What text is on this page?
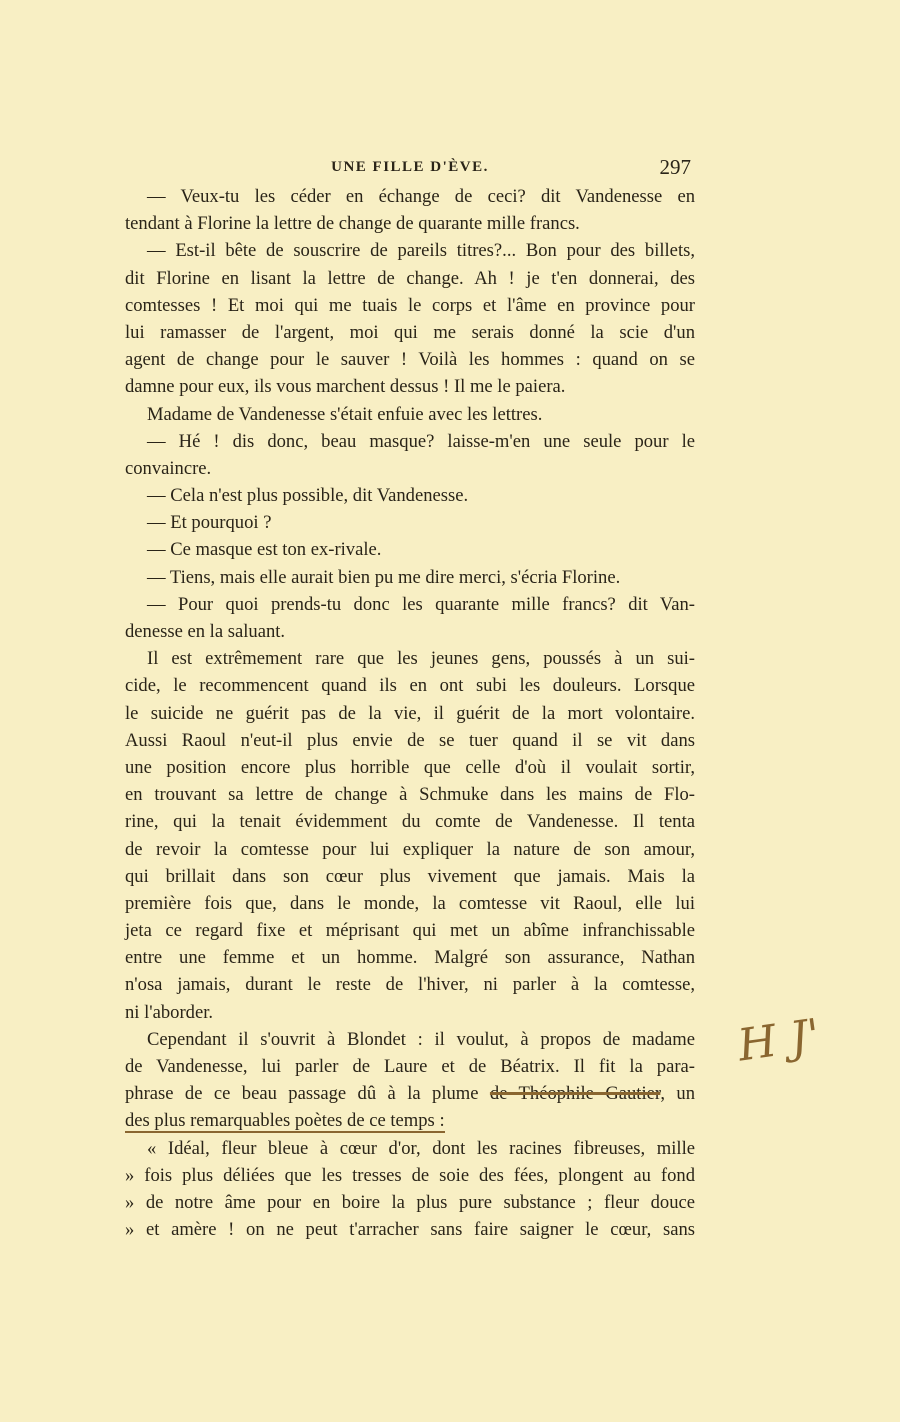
UNE FILLE D'ÈVE.	297
— Veux-tu les céder en échange de ceci? dit Vandenesse en
tendant à Florine la lettre de change de quarante mille francs.
— Est-il bête de souscrire de pareils titres?... Bon pour des billets,
dit Florine en lisant la lettre de change. Ah ! je t'en donnerai, des
comtesses ! Et moi qui me tuais le corps et l'âme en province pour
lui ramasser de l'argent, moi qui me serais donné la scie d'un
agent de change pour le sauver ! Voilà les hommes : quand on se
damne pour eux, ils vous marchent dessus ! Il me le paiera.
Madame de Vandenesse s'était enfuie avec les lettres.
— Hé ! dis donc, beau masque? laisse-m'en une seule pour le
convaincre.
— Cela n'est plus possible, dit Vandenesse.
— Et pourquoi ?
— Ce masque est ton ex-rivale.
— Tiens, mais elle aurait bien pu me dire merci, s'écria Florine.
— Pour quoi prends-tu donc les quarante mille francs? dit Van-
denesse en la saluant.
Il est extrêmement rare que les jeunes gens, poussés à un sui-
cide, le recommencent quand ils en ont subi les douleurs. Lorsque
le suicide ne guérit pas de la vie, il guérit de la mort volontaire.
Aussi Raoul n'eut-il plus envie de se tuer quand il se vit dans
une position encore plus horrible que celle d'où il voulait sortir,
en trouvant sa lettre de change à Schmuke dans les mains de Flo-
rine, qui la tenait évidemment du comte de Vandenesse. Il tenta
de revoir la comtesse pour lui expliquer la nature de son amour,
qui brillait dans son cœur plus vivement que jamais. Mais la
première fois que, dans le monde, la comtesse vit Raoul, elle lui
jeta ce regard fixe et méprisant qui met un abîme infranchissable
entre une femme et un homme. Malgré son assurance, Nathan
n'osa jamais, durant le reste de l'hiver, ni parler à la comtesse,
ni l'aborder.
Cependant il s'ouvrit à Blondet : il voulut, à propos de madame
de Vandenesse, lui parler de Laure et de Béatrix. Il fit la para-
phrase de ce beau passage dû à la plume de Théophile Gautier, un
des plus remarquables poètes de ce temps :
« Idéal, fleur bleue à cœur d'or, dont les racines fibreuses, mille
» fois plus déliées que les tresses de soie des fées, plongent au fond
» de notre âme pour en boire la plus pure substance ; fleur douce
» et amère ! on ne peut t'arracher sans faire saigner le cœur, sans
H J'
